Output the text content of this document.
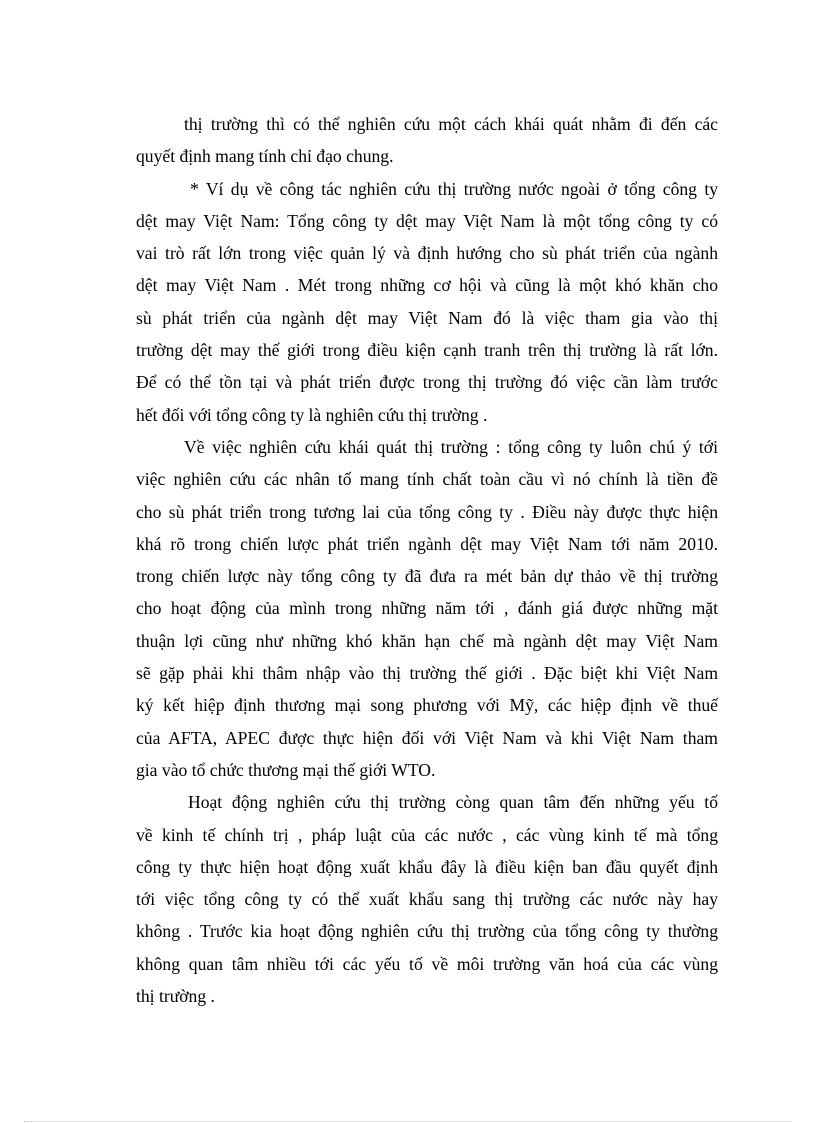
thị trường thì có thể nghiên cứu một cách khái quát nhằm đi đến các
quyết định mang tính chỉ đạo chung.
* Ví dụ về công tác nghiên cứu thị trường nước ngoài ở tổng công ty
dệt may Việt Nam: Tổng công ty dệt may Việt Nam là một tổng công ty có
vai trò rất lớn trong việc quản lý và định hướng cho sù phát triển của ngành
dệt may Việt Nam . Mét trong những cơ hội và cũng là một khó khăn cho
sù phát triển của ngành dệt may Việt Nam đó là việc tham gia vào thị
trường dệt may thế giới trong điều kiện cạnh tranh trên thị trường là rất lớn.
Để có thể tồn tại và phát triển được trong thị trường đó việc cần làm trước
hết đối với tổng công ty là nghiên cứu thị trường .
Về việc nghiên cứu khái quát thị trường : tổng công ty luôn chú ý tới
việc nghiên cứu các nhân tố mang tính chất toàn cầu vì nó chính là tiền đề
cho sù phát triển trong tương lai của tổng công ty . Điều này được thực hiện
khá rõ trong chiến lược phát triển ngành dệt may Việt Nam tới năm 2010.
trong chiến lược này tổng công ty đã đưa ra mét bản dự thảo về thị trường
cho hoạt động của mình trong những năm tới , đánh giá được những mặt
thuận lợi cũng như những khó khăn hạn chế mà ngành dệt may Việt Nam
sẽ gặp phải khi thâm nhập vào thị trường thế giới . Đặc biệt khi Việt Nam
ký kết hiệp định thương mại song phương với Mỹ, các hiệp định về thuế
của AFTA, APEC được thực hiện đối với Việt Nam và khi Việt Nam tham
gia vào tổ chức thương mại thế giới WTO.
Hoạt động nghiên cứu thị trường còng quan tâm đến những yếu tố
về kinh tế chính trị , pháp luật của các nước , các vùng kinh tế mà tổng
công ty thực hiện hoạt động xuất khẩu đây là điều kiện ban đầu quyết định
tới việc tổng công ty có thể xuất khẩu sang thị trường các nước này hay
không . Trước kia hoạt động nghiên cứu thị trường của tổng công ty thường
không quan tâm nhiều tới các yếu tố về môi trường văn hoá của các vùng
thị trường .
